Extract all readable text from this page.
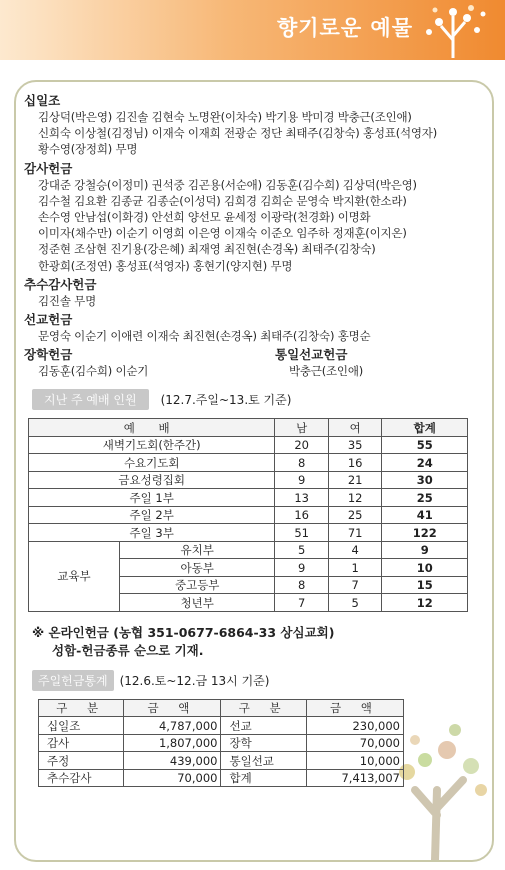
향기로운 예물
십일조
김상덕(박은영) 김진솔 김현숙 노명완(이차숙) 박기용 박미경 박충근(조인애)
신희숙 이상철(김정님) 이재숙 이재희 전광순 정단 최태주(김창숙) 홍성표(석영자)
황수영(장정희) 무명
감사헌금
강대준 강철승(이정미) 권석중 김곤용(서순애) 김동훈(김수희) 김상덕(박은영)
김수철 김요환 김종균 김종순(이성덕) 김희경 김희순 문영숙 박지환(한소라)
손수영 안남섭(이화경) 안선희 양선모 윤세정 이광락(천경화) 이명화
이미자(채수만) 이순기 이영희 이은영 이재숙 이준오 임주하 정재훈(이지온)
정준현 조삼현 진기용(강은혜) 최재영 최진현(손경옥) 최태주(김창숙)
한광희(조정연) 홍성표(석영자) 홍현기(양지현) 무명
추수감사헌금
김진솔 무명
선교헌금
문영숙 이순기 이애련 이재숙 최진현(손경옥) 최태주(김창숙) 홍명순
장학헌금
김동훈(김수희) 이순기
통일선교헌금
박충근(조인애)
지난 주 예배 인원	(12.7.주일~13.토 기준)
예 배		남	여	합계
새벽기도회(한주간)		20	35	55
수요기도회		8	16	24
금요성령집회		9	21	30
주일 1부		13	12	25
주일 2부		16	25	41
주일 3부		51	71	122
교육부	유치부	5	4	9
	아동부	9	1	10
	중고등부	8	7	15
	청년부	7	5	12
※ 온라인헌금 (농협 351-0677-6864-33 상심교회)
성함-헌금종류 순으로 기재.
주일헌금통계	(12.6.토~12.금 13시 기준)
구 분	금 액	구 분	금 액
십일조	4,787,000	선교	230,000
감사	1,807,000	장학	70,000
주정	439,000	통일선교	10,000
추수감사	70,000	합계	7,413,007
